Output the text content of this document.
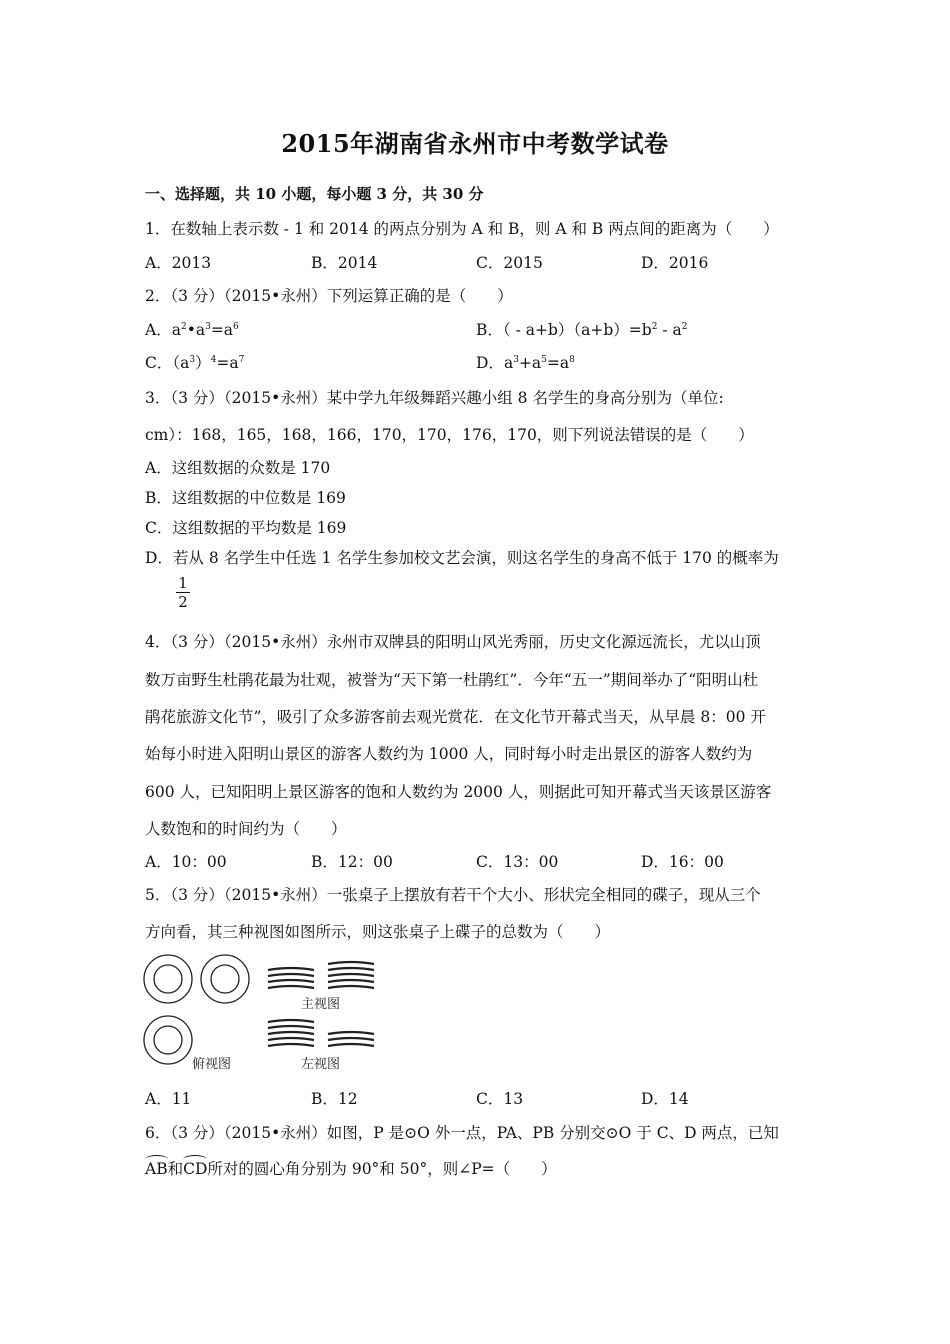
2015年湖南省永州市中考数学试卷
一、选择题，共 10 小题，每小题 3 分，共 30 分
1．在数轴上表示数 - 1 和 2014 的两点分别为 A 和 B，则 A 和 B 两点间的距离为（　　）
A．2013	B．2014	C．2015	D．2016
2．（3 分）（2015•永州）下列运算正确的是（　　）
A．$a^2•a^3=a^6$	B．（ - $a+b)(a+b)=b^2 - a^2$
C．$(a^3)^4=a^7$	D．$a^3+a^5=a^8$
3．（3 分）（2015•永州）某中学九年级舞蹈兴趣小组 8 名学生的身高分别为（单位:
cm）：168，165，168，166，170，170，176，170，则下列说法错误的是（　　）
A．这组数据的众数是 170
B．这组数据的中位数是 169
C．这组数据的平均数是 169
D．若从 8 名学生中任选 1 名学生参加校文艺会演，则这名学生的身高不低于 170 的概率为
$\frac{1}{2}$
4．（3 分）（2015•永州）永州市双牌县的阳明山风光秀丽，历史文化源远流长，尤以山顶
数万亩野生杜鹃花最为壮观，被誉为“天下第一杜鹃红”．今年“五一”期间举办了“阳明山杜
鹃花旅游文化节”，吸引了众多游客前去观光赏花．在文化节开幕式当天，从早晨 8：00 开
始每小时进入阳明山景区的游客人数约为 1000 人，同时每小时走出景区的游客人数约为
600 人，已知阳明上景区游客的饱和人数约为 2000 人，则据此可知开幕式当天该景区游客
人数饱和的时间约为（　　）
A．10：00	B．12：00	C．13：00	D．16：00
5．（3 分）（2015•永州）一张桌子上摆放有若干个大小、形状完全相同的碟子，现从三个
方向看，其三种视图如图所示，则这张桌子上碟子的总数为（　　）
主视图
俯视图	左视图
A．11	B．12	C．13	D．14
6．（3 分）（2015•永州）如图，P 是⊙O 外一点，PA、PB 分别交⊙O 于 C、D 两点，已知
AB和CD所对的圆心角分别为 90°和 50°，则∠P=（　　）
